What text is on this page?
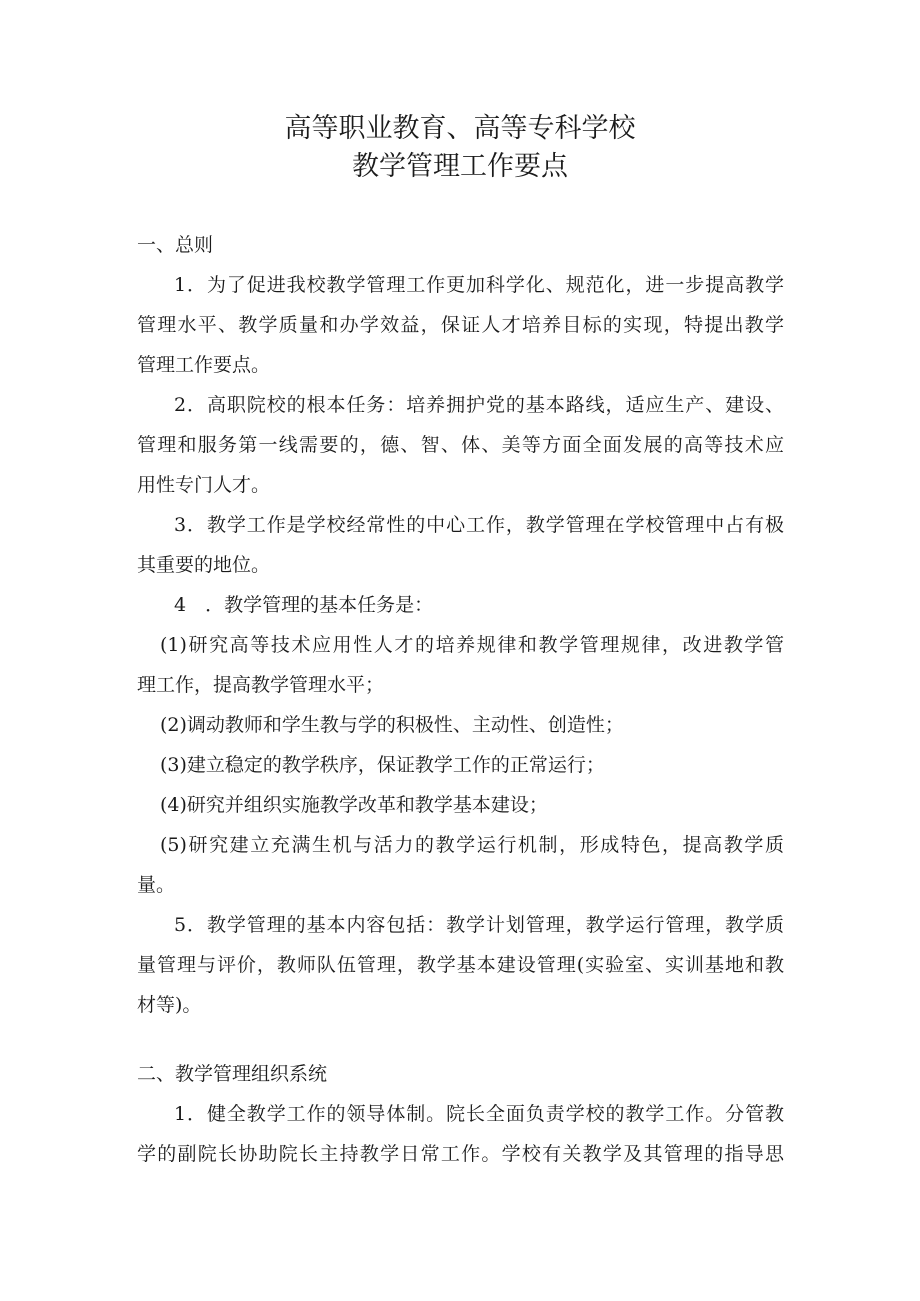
高等职业教育、高等专科学校
教学管理工作要点
一、总则
1．为了促进我校教学管理工作更加科学化、规范化，进一步提高教学
管理水平、教学质量和办学效益，保证人才培养目标的实现，特提出教学
管理工作要点。
2．高职院校的根本任务：培养拥护党的基本路线，适应生产、建设、
管理和服务第一线需要的，德、智、体、美等方面全面发展的高等技术应
用性专门人才。
3．教学工作是学校经常性的中心工作，教学管理在学校管理中占有极
其重要的地位。
4　．教学管理的基本任务是：
(1)研究高等技术应用性人才的培养规律和教学管理规律，改进教学管
理工作，提高教学管理水平；
(2)调动教师和学生教与学的积极性、主动性、创造性；
(3)建立稳定的教学秩序，保证教学工作的正常运行；
(4)研究并组织实施教学改革和教学基本建设；
(5)研究建立充满生机与活力的教学运行机制，形成特色，提高教学质
量。
5．教学管理的基本内容包括：教学计划管理，教学运行管理，教学质
量管理与评价，教师队伍管理，教学基本建设管理(实验室、实训基地和教
材等)。
二、教学管理组织系统
1．健全教学工作的领导体制。院长全面负责学校的教学工作。分管教
学的副院长协助院长主持教学日常工作。学校有关教学及其管理的指导思
